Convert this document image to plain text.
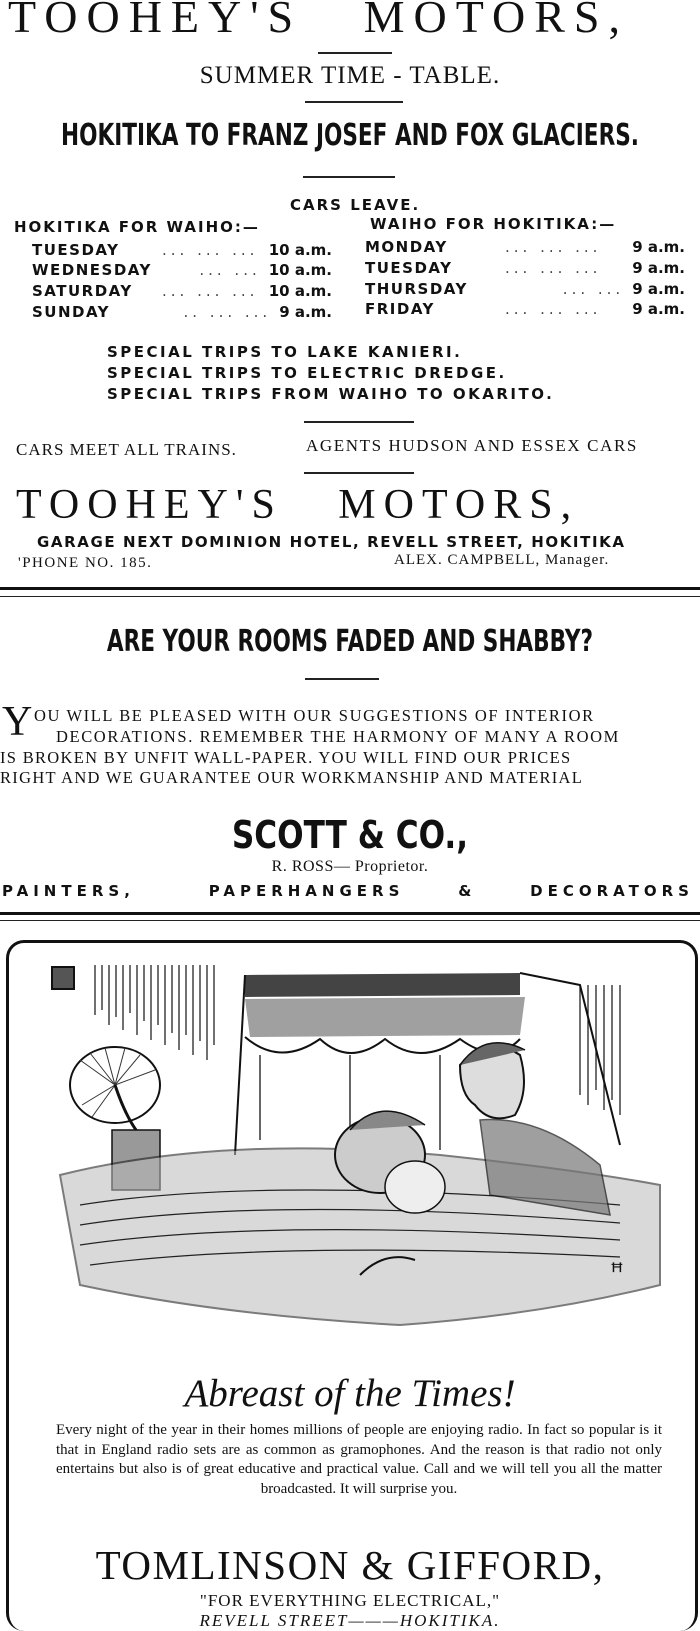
TOOHEY'S   MOTORS,
SUMMER TIME - TABLE.
HOKITIKA TO FRANZ JOSEF AND FOX GLACIERS.
CARS LEAVE.
HOKITIKA FOR WAIHO:—	WAIHO FOR HOKITIKA:—
TUESDAY	... ... ... 10 a.m.
WEDNESDAY	... ... 10 a.m.
SATURDAY	... ... ... 10 a.m.
SUNDAY	.. ... ... 9 a.m.
MONDAY	... ... ...	9 a.m.
TUESDAY	... ... ...	9 a.m.
THURSDAY	... ... 9 a.m.
FRIDAY	... ... ...	9 a.m.
SPECIAL TRIPS TO LAKE KANIERI.
SPECIAL TRIPS TO ELECTRIC DREDGE.
SPECIAL TRIPS FROM WAIHO TO OKARITO.
CARS MEET ALL TRAINS.	AGENTS HUDSON AND ESSEX CARS
TOOHEY'S   MOTORS,
GARAGE NEXT DOMINION HOTEL, REVELL STREET, HOKITIKA
'PHONE NO. 185.	ALEX. CAMPBELL, Manager.
ARE YOUR ROOMS FADED AND SHABBY?
Y OU WILL BE PLEASED WITH OUR SUGGESTIONS OF INTERIOR
DECORATIONS. REMEMBER THE HARMONY OF MANY A ROOM
IS BROKEN BY UNFIT WALL-PAPER. YOU WILL FIND OUR PRICES
RIGHT AND WE GUARANTEE OUR WORKMANSHIP AND MATERIAL
SCOTT & CO.,
R. ROSS— Proprietor.
PAINTERS,	PAPERHANGERS	&	DECORATORS
ꟸ
Abreast of the Times!
Every night of the year in their homes millions of people are enjoying radio. In fact so popular is it that in England radio sets are as common as gramophones. And the reason is that radio not only entertains but also is of great educative and practical value. Call and we will tell you all the matter broadcasted. It will surprise you.
TOMLINSON & GIFFORD,
"FOR EVERYTHING ELECTRICAL,"
REVELL STREET———HOKITIKA.
